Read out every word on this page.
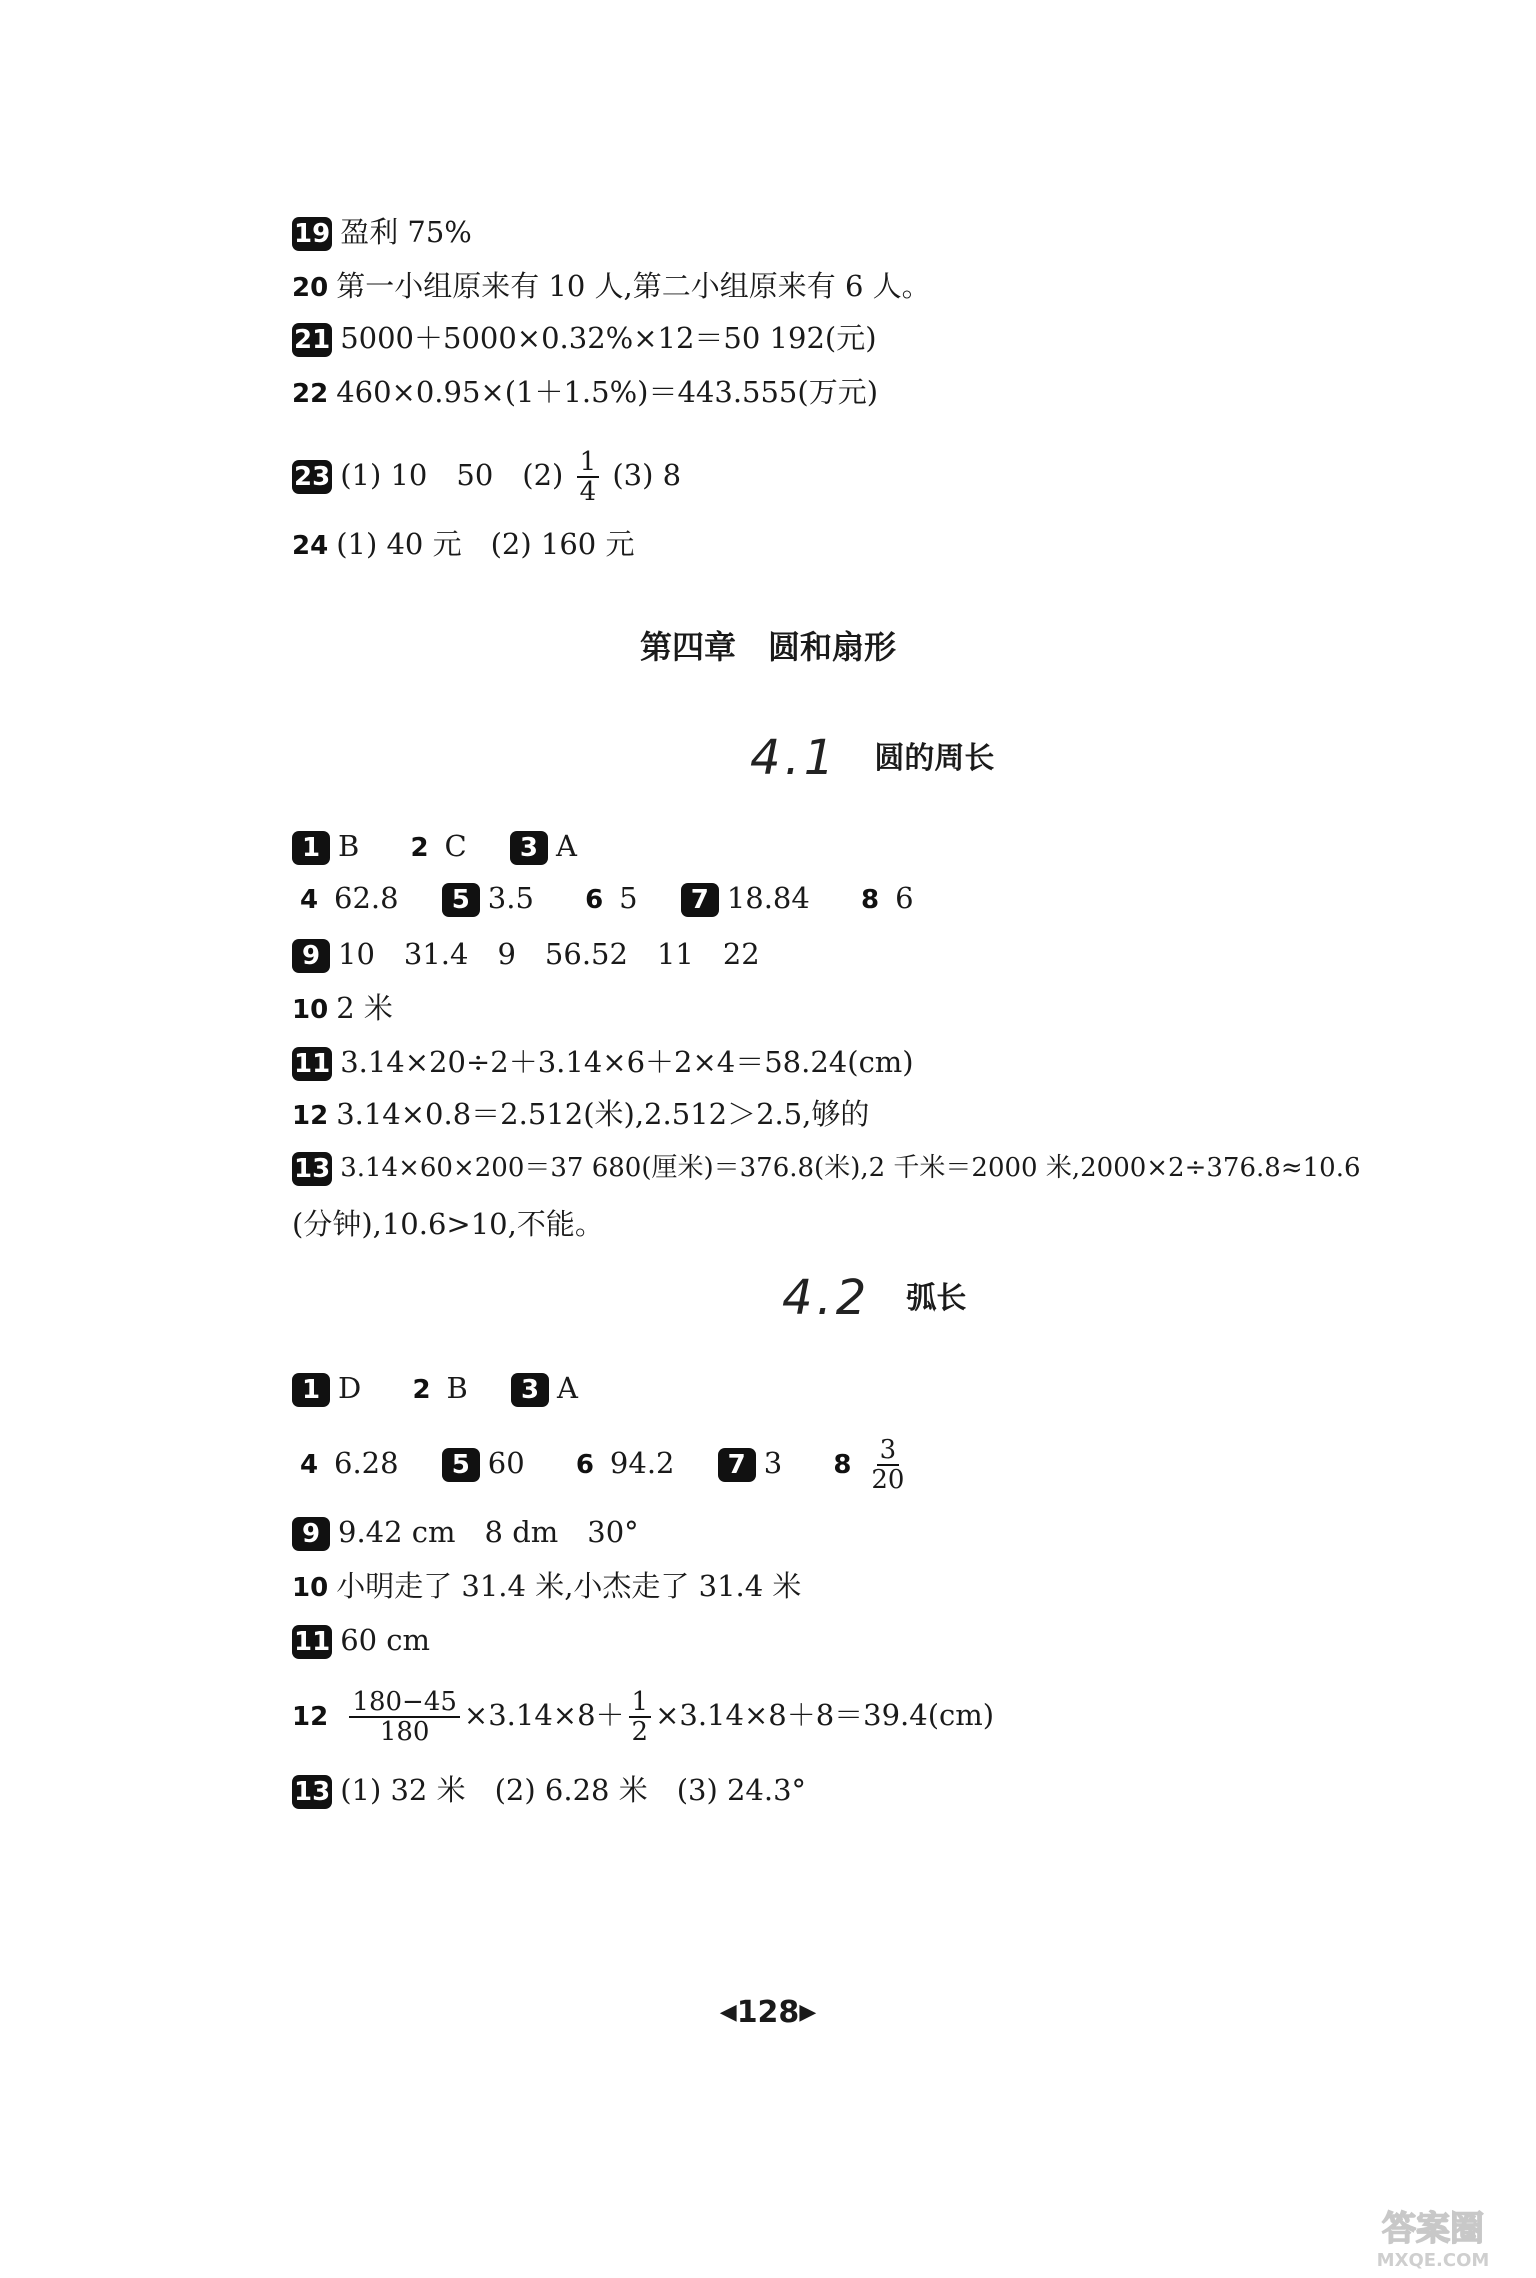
19 盈利 75%
20 第一小组原来有 10 人,第二小组原来有 6 人。
21 5000＋5000×0.32%×12＝50 192(元)
22 460×0.95×(1＋1.5%)＝443.555(万元)
23 (1) 10　50　$(2) \frac{1}{4} (3)$ 8
24 (1) 40 元　(2) 160 元
第四章　圆和扇形
4.1 圆的周长
1 B 2 C 3 A
4 62.8 5 3.5 6 5 7 18.84 8 6
9 10　31.4　9　56.52　11　22
10 2 米
11 3.14×20÷2＋3.14×6＋2×4＝58.24(cm)
12 3.14×0.8＝2.512(米),2.512＞2.5,够的
13 3.14×60×200＝37 680(厘米)＝376.8(米),2 千米＝2000 米,2000×2÷376.8≈10.6
(分钟),10.6>10,不能。
4.2 弧长
1 D 2 B 3 A
4 6.28 5 60 6 94.2 7 3 $8 \frac{3}{20}$
9 9.42 cm　8 dm　30°
10 小明走了 31.4 米,小杰走了 31.4 米
11 60 cm
$12 \frac{180-45}{180} \times 3.14\times 8+ \frac{1}{2} \times 3.14\times 8+8=39.4(cm)$
13 (1) 32 米　(2) 6.28 米　(3) 24.3°
◀128▶
答案圈
MXQE.COM
